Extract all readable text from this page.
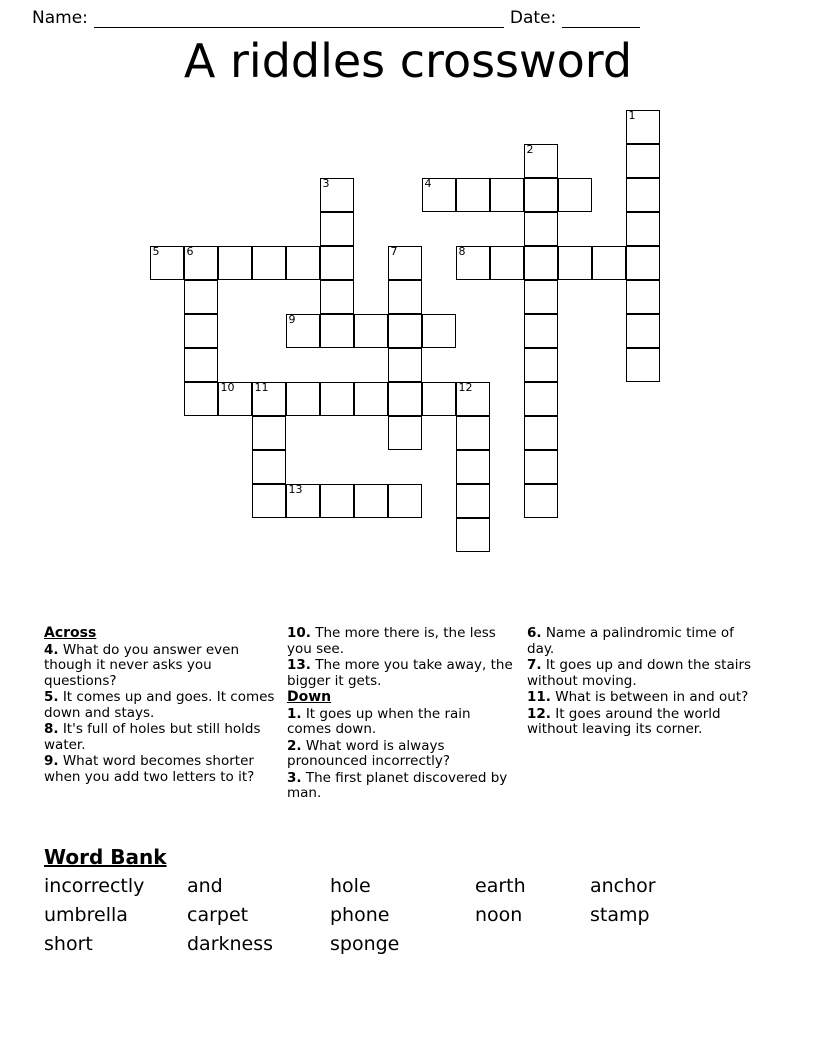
Name:	Date:
A riddles crossword
1
2
3	4
5 6	7	8
9
10 11	12
13
Across
4. What do you answer even though it never asks you questions?
5. It comes up and goes. It comes down and stays.
8. It's full of holes but still holds water.
9. What word becomes shorter when you add two letters to it?
10. The more there is, the less you see.
13. The more you take away, the bigger it gets.
Down
1. It goes up when the rain comes down.
2. What word is always pronounced incorrectly?
3. The first planet discovered by man.
6. Name a palindromic time of day.
7. It goes up and down the stairs without moving.
11. What is between in and out?
12. It goes around the world without leaving its corner.
Word Bank
incorrectly	and	hole	earth	anchor
umbrella	carpet	phone	noon	stamp
short	darkness	sponge
